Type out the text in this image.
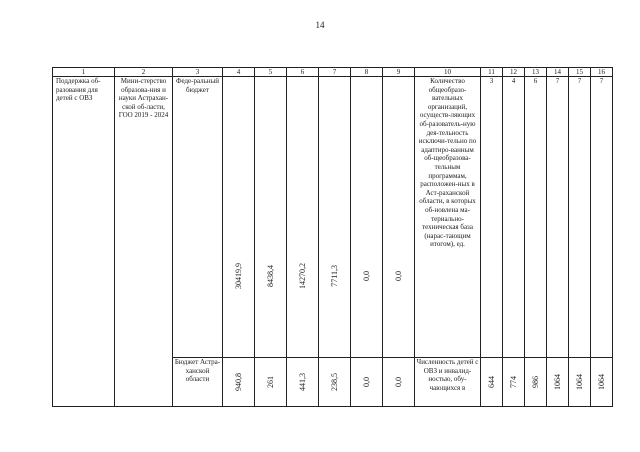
14
1	2	3	4	5	6	7	8	9	10	11	12	13	14	15	16
Поддержка об-разования для детей с ОВЗ	Мини-стерство образова-ния и науки Астрахан-ской об-ласти, ГОО 2019 - 2024	Феде-ральный бюджет	30419,9	8438,4	14270,2	7711,3	0,0	0,0	Количество общеобразо-вательных организаций, осуществ-ляющих об-разователь-ную дея-тельность исключи-тельно по адаптиро-ванным об-щеобразова-тельным программам, расположен-ных в Аст-раханской области, в которых об-новлена ма-териально-техническая база (нарас-тающим итогом), ед.	3	4	6	7	7	7
		Бюджет Астра-ханской области	940,8	261	441,3	238,5	0,0	0,0	Численность детей с ОВЗ и инвалид-ностью, обу-чающихся в	644	774	986	1064	1064	1064
